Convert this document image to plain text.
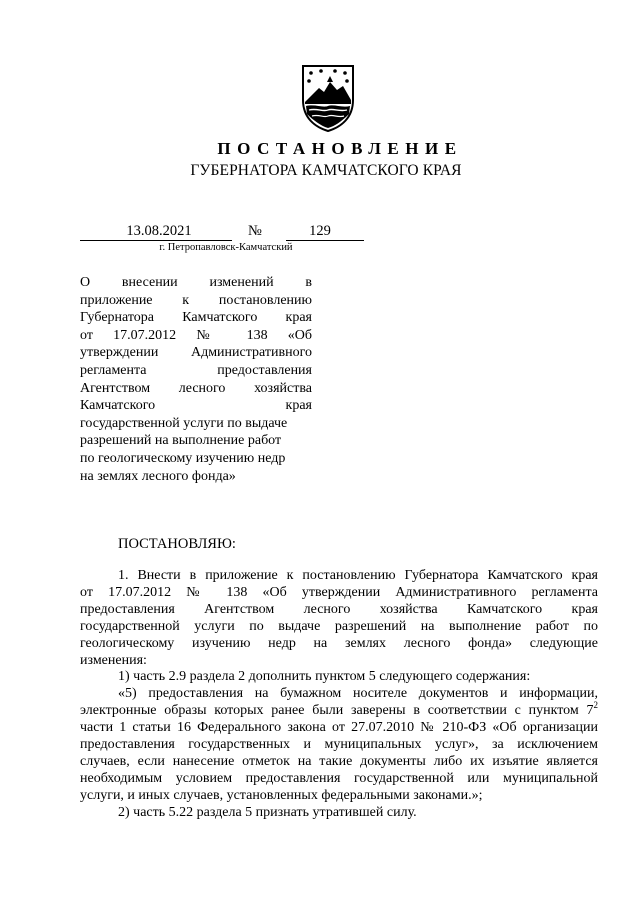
ПОСТАНОВЛЕНИЕ
ГУБЕРНАТОРА КАМЧАТСКОГО КРАЯ
13.08.2021	№	129
г. Петропавловск-Камчатский
О внесении изменений в
приложение к постановлению
Губернатора Камчатского края
от 17.07.2012 № 138 «Об
утверждении Административного
регламента предоставления
Агентством лесного хозяйства
Камчатского края
государственной услуги по выдаче
разрешений на выполнение работ
по геологическому изучению недр
на землях лесного фонда»
ПОСТАНОВЛЯЮ:
1. Внести в приложение к постановлению Губернатора Камчатского края
от 17.07.2012 № 138 «Об утверждении Административного регламента
предоставления Агентством лесного хозяйства Камчатского края
государственной услуги по выдаче разрешений на выполнение работ по
геологическому изучению недр на землях лесного фонда» следующие
изменения:
1) часть 2.9 раздела 2 дополнить пунктом 5 следующего содержания:
«5) предоставления на бумажном носителе документов и информации,
электронные образы которых ранее были заверены в соответствии с пунктом $7^2$
части 1 статьи 16 Федерального закона от 27.07.2010 № 210-ФЗ «Об организации
предоставления государственных и муниципальных услуг», за исключением
случаев, если нанесение отметок на такие документы либо их изъятие является
необходимым условием предоставления государственной или муниципальной
услуги, и иных случаев, установленных федеральными законами.»;
2) часть 5.22 раздела 5 признать утратившей силу.
